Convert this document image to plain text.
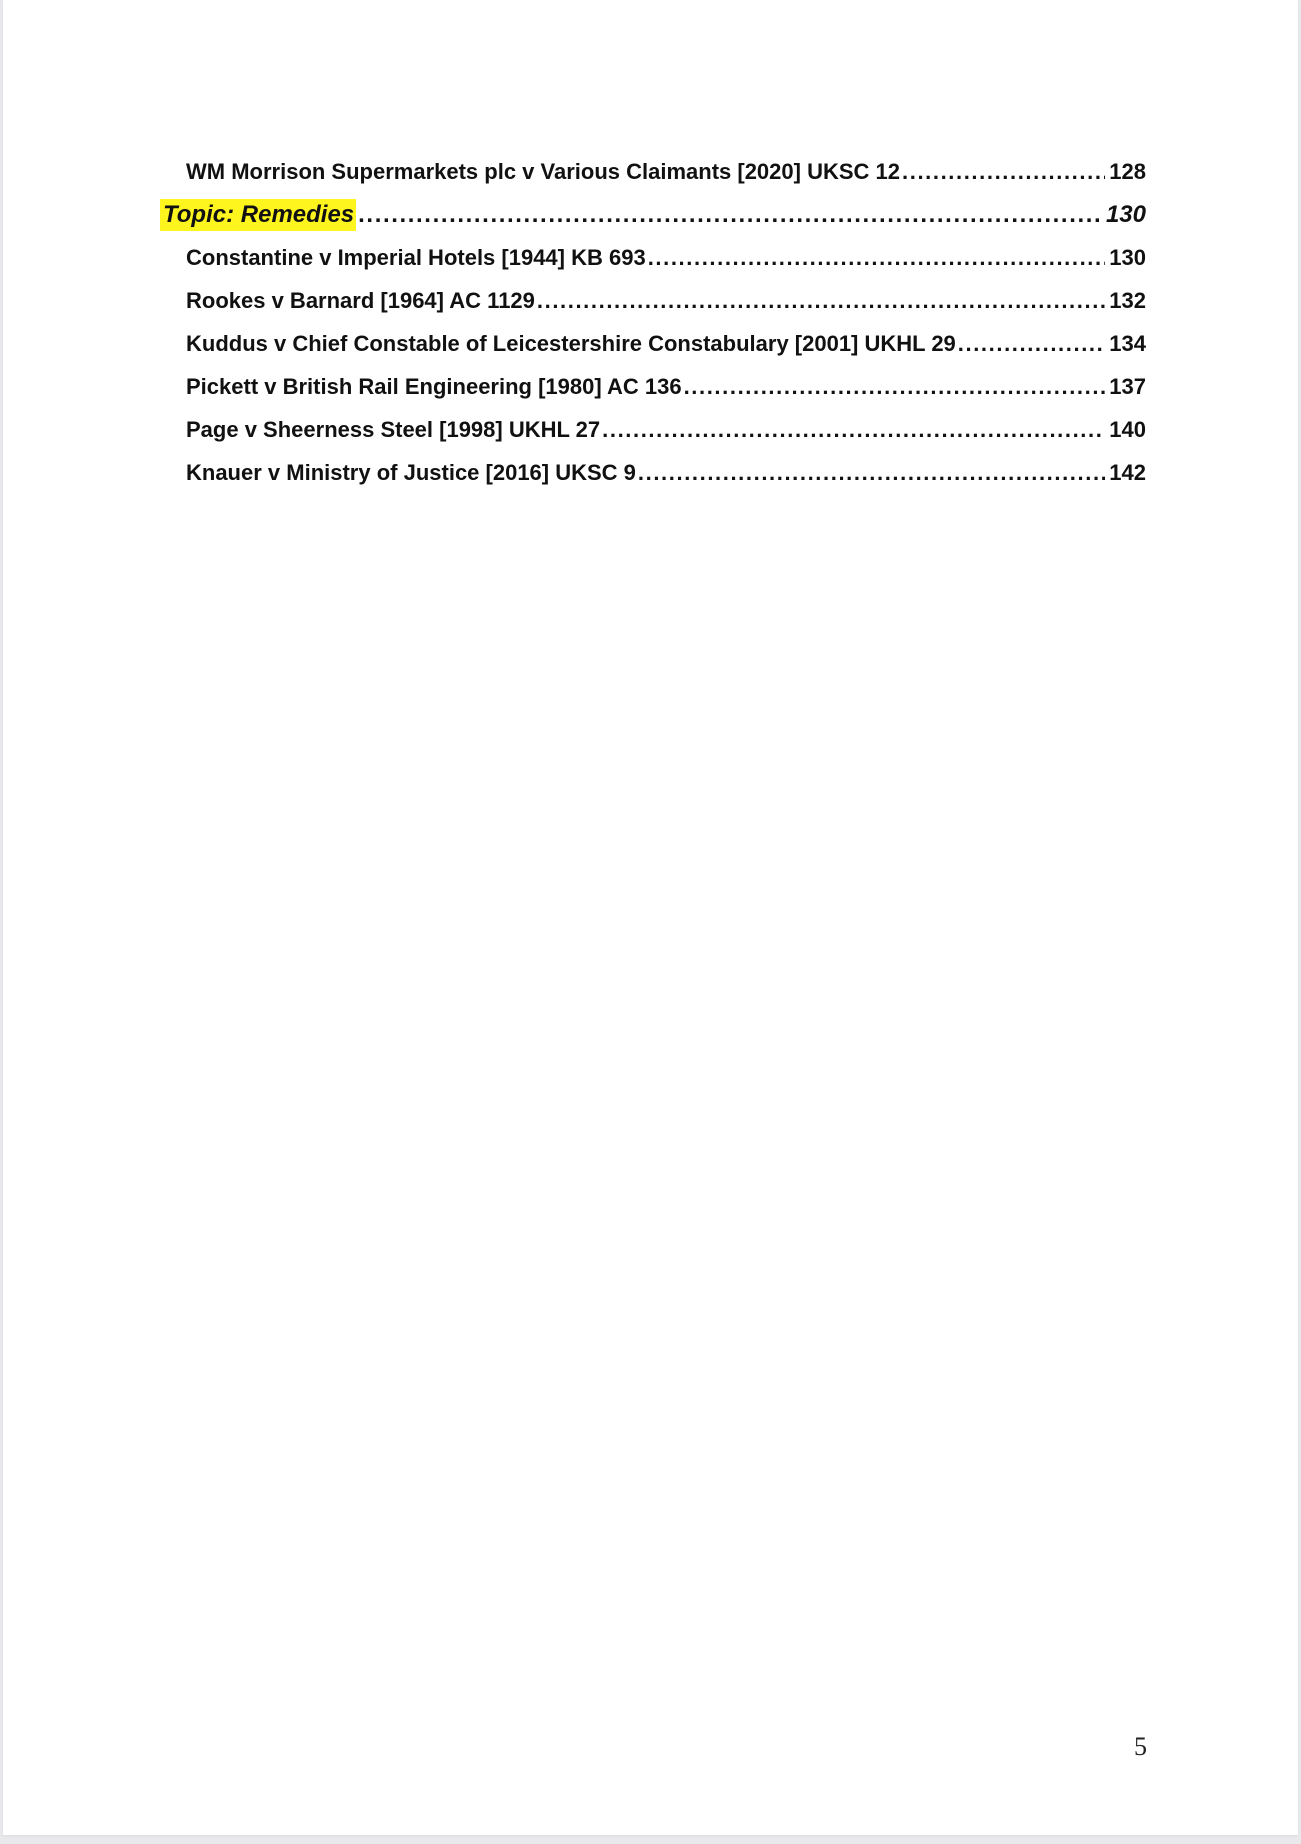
WM Morrison Supermarkets plc v Various Claimants [2020] UKSC 12 .....	128
Topic: Remedies .....	130
Constantine v Imperial Hotels [1944] KB 693 .....	130
Rookes v Barnard [1964] AC 1129 .....	132
Kuddus v Chief Constable of Leicestershire Constabulary [2001] UKHL 29 .....	134
Pickett v British Rail Engineering [1980] AC 136 .....	137
Page v Sheerness Steel [1998] UKHL 27 .....	140
Knauer v Ministry of Justice [2016] UKSC 9 .....	142
5
